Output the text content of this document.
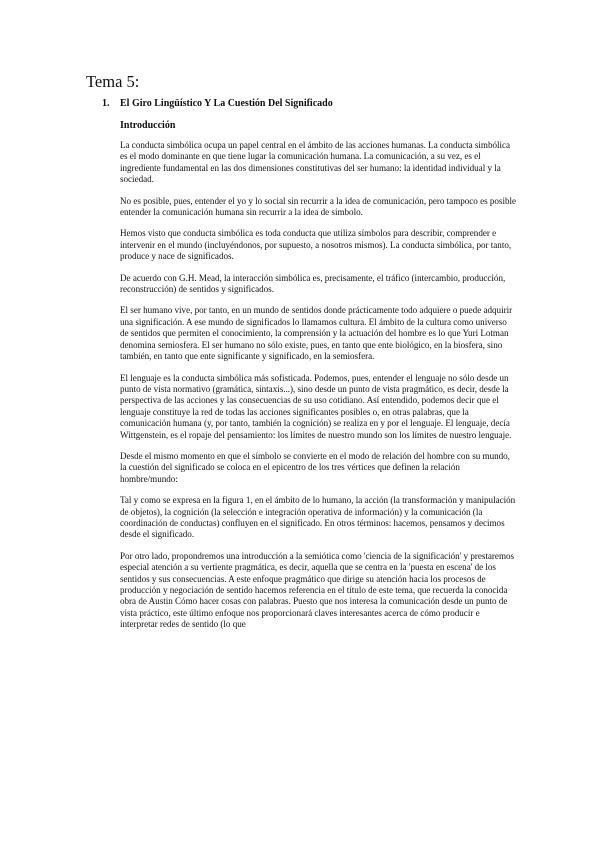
Tema 5:
1. El Giro Lingüístico Y La Cuestión Del Significado
Introducción

La conducta simbólica ocupa un papel central en el ámbito de las acciones humanas. La conducta simbólica es el modo dominante en que tiene lugar la comunicación humana. La comunicación, a su vez, es el ingrediente fundamental en las dos dimensiones constitutivas del ser humano: la identidad individual y la sociedad.

No es posible, pues, entender el yo y lo social sin recurrir a la idea de comunicación, pero tampoco es posible entender la comunicación humana sin recurrir a la idea de símbolo.

Hemos visto que conducta simbólica es toda conducta que utiliza símbolos para describir, comprender e intervenir en el mundo (incluyéndonos, por supuesto, a nosotros mismos). La conducta simbólica, por tanto, produce y nace de significados.

De acuerdo con G.H. Mead, la interacción simbólica es, precisamente, el tráfico (intercambio, producción, reconstrucción) de sentidos y significados.

El ser humano vive, por tanto, en un mundo de sentidos donde prácticamente todo adquiere o puede adquirir una significación. A ese mundo de significados lo llamamos cultura. El ámbito de la cultura como universo de sentidos que permiten el conocimiento, la comprensión y la actuación del hombre es lo que Yuri Lotman denomina semiosfera. El ser humano no sólo existe, pues, en tanto que ente biológico, en la biosfera, sino también, en tanto que ente significante y significado, en la semiosfera.

El lenguaje es la conducta simbólica más sofisticada. Podemos, pues, entender el lenguaje no sólo desde un punto de vista normativo (gramática, sintaxis...), sino desde un punto de vista pragmático, es decir, desde la perspectiva de las acciones y las consecuencias de su uso cotidiano. Así entendido, podemos decir que el lenguaje constituye la red de todas las acciones significantes posibles o, en otras palabras, que la comunicación humana (y, por tanto, también la cognición) se realiza en y por el lenguaje. El lenguaje, decía Wittgenstein, es el ropaje del pensamiento: los límites de nuestro mundo son los límites de nuestro lenguaje.

Desde el mismo momento en que el símbolo se convierte en el modo de relación del hombre con su mundo, la cuestión del significado se coloca en el epicentro de los tres vértices que definen la relación hombre/mundo:

Tal y como se expresa en la figura 1, en el ámbito de lo humano, la acción (la transformación y manipulación de objetos), la cognición (la selección e integración operativa de información) y la comunicación (la coordinación de conductas) confluyen en el significado. En otros términos: hacemos, pensamos y decimos desde el significado.

Por otro lado, propondremos una introducción a la semiótica como 'ciencia de la significación' y prestaremos especial atención a su vertiente pragmática, es decir, aquella que se centra en la 'puesta en escena' de los sentidos y sus consecuencias. A este enfoque pragmático que dirige su atención hacia los procesos de producción y negociación de sentido hacemos referencia en el título de este tema, que recuerda la conocida obra de Austin Cómo hacer cosas con palabras. Puesto que nos interesa la comunicación desde un punto de vista práctico, este último enfoque nos proporcionará claves interesantes acerca de cómo producir e interpretar redes de sentido (lo que
